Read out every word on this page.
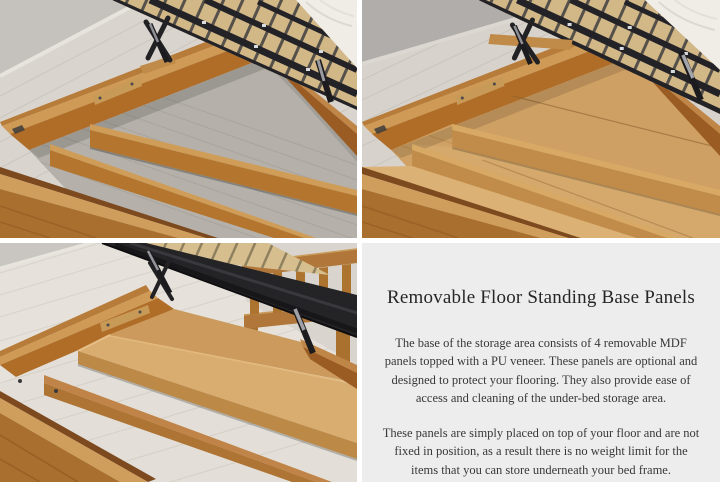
Removable Floor Standing Base Panels

The base of the storage area consists of 4 removable MDF panels topped with a PU veneer. These panels are optional and designed to protect your flooring. They also provide ease of access and cleaning of the under-bed storage area.

These panels are simply placed on top of your floor and are not fixed in position, as a result there is no weight limit for the items that you can store underneath your bed frame.
